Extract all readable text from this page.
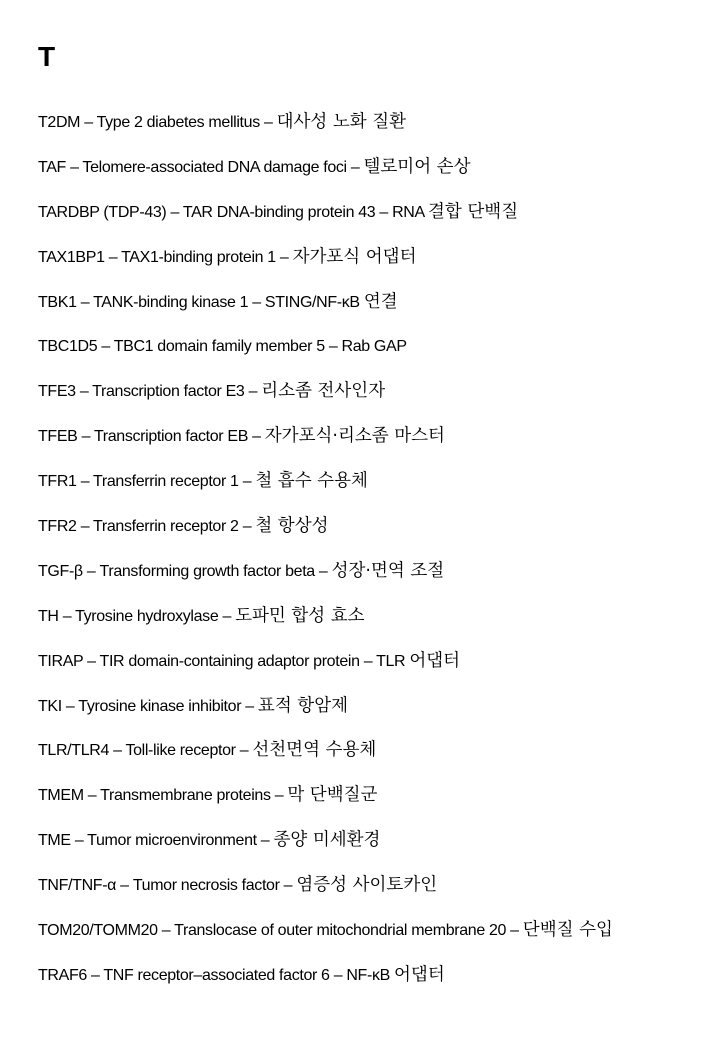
T
T2DM – Type 2 diabetes mellitus – 대사성 노화 질환
TAF – Telomere-associated DNA damage foci – 텔로미어 손상
TARDBP (TDP-43) – TAR DNA-binding protein 43 – RNA 결합 단백질
TAX1BP1 – TAX1-binding protein 1 – 자가포식 어댑터
TBK1 – TANK-binding kinase 1 – STING/NF-κB 연결
TBC1D5 – TBC1 domain family member 5 – Rab GAP
TFE3 – Transcription factor E3 – 리소좀 전사인자
TFEB – Transcription factor EB – 자가포식·리소좀 마스터
TFR1 – Transferrin receptor 1 – 철 흡수 수용체
TFR2 – Transferrin receptor 2 – 철 항상성
TGF-β – Transforming growth factor beta – 성장·면역 조절
TH – Tyrosine hydroxylase – 도파민 합성 효소
TIRAP – TIR domain-containing adaptor protein – TLR 어댑터
TKI – Tyrosine kinase inhibitor – 표적 항암제
TLR/TLR4 – Toll-like receptor – 선천면역 수용체
TMEM – Transmembrane proteins – 막 단백질군
TME – Tumor microenvironment – 종양 미세환경
TNF/TNF-α – Tumor necrosis factor – 염증성 사이토카인
TOM20/TOMM20 – Translocase of outer mitochondrial membrane 20 – 단백질 수입
TRAF6 – TNF receptor–associated factor 6 – NF-κB 어댑터
